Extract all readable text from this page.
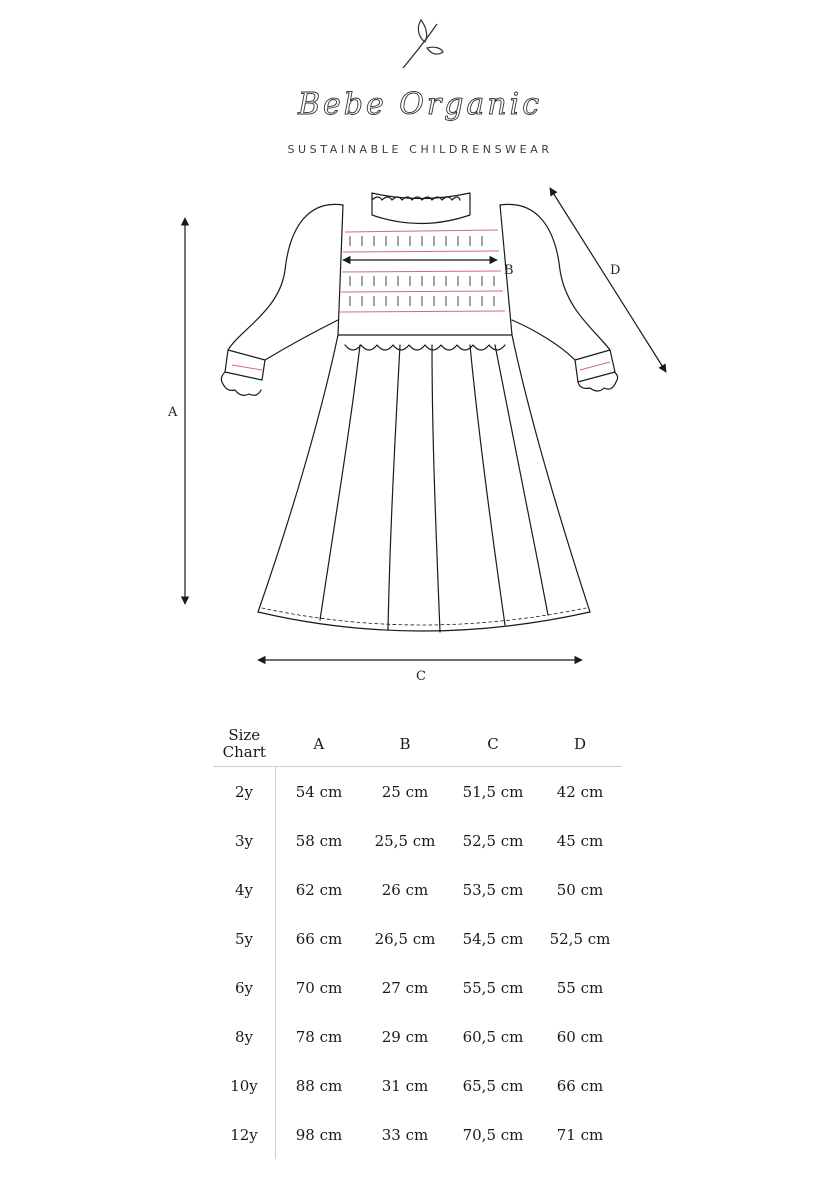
Bebe Organic
SUSTAINABLE CHILDRENSWEAR
A
B
C
D
Size
Chart	A	B	C	D
2y	54 cm	25 cm	51,5 cm	42 cm
3y	58 cm	25,5 cm	52,5 cm	45 cm
4y	62 cm	26 cm	53,5 cm	50 cm
5y	66 cm	26,5 cm	54,5 cm	52,5 cm
6y	70 cm	27 cm	55,5 cm	55 cm
8y	78 cm	29 cm	60,5 cm	60 cm
10y	88 cm	31 cm	65,5 cm	66 cm
12y	98 cm	33 cm	70,5 cm	71 cm
